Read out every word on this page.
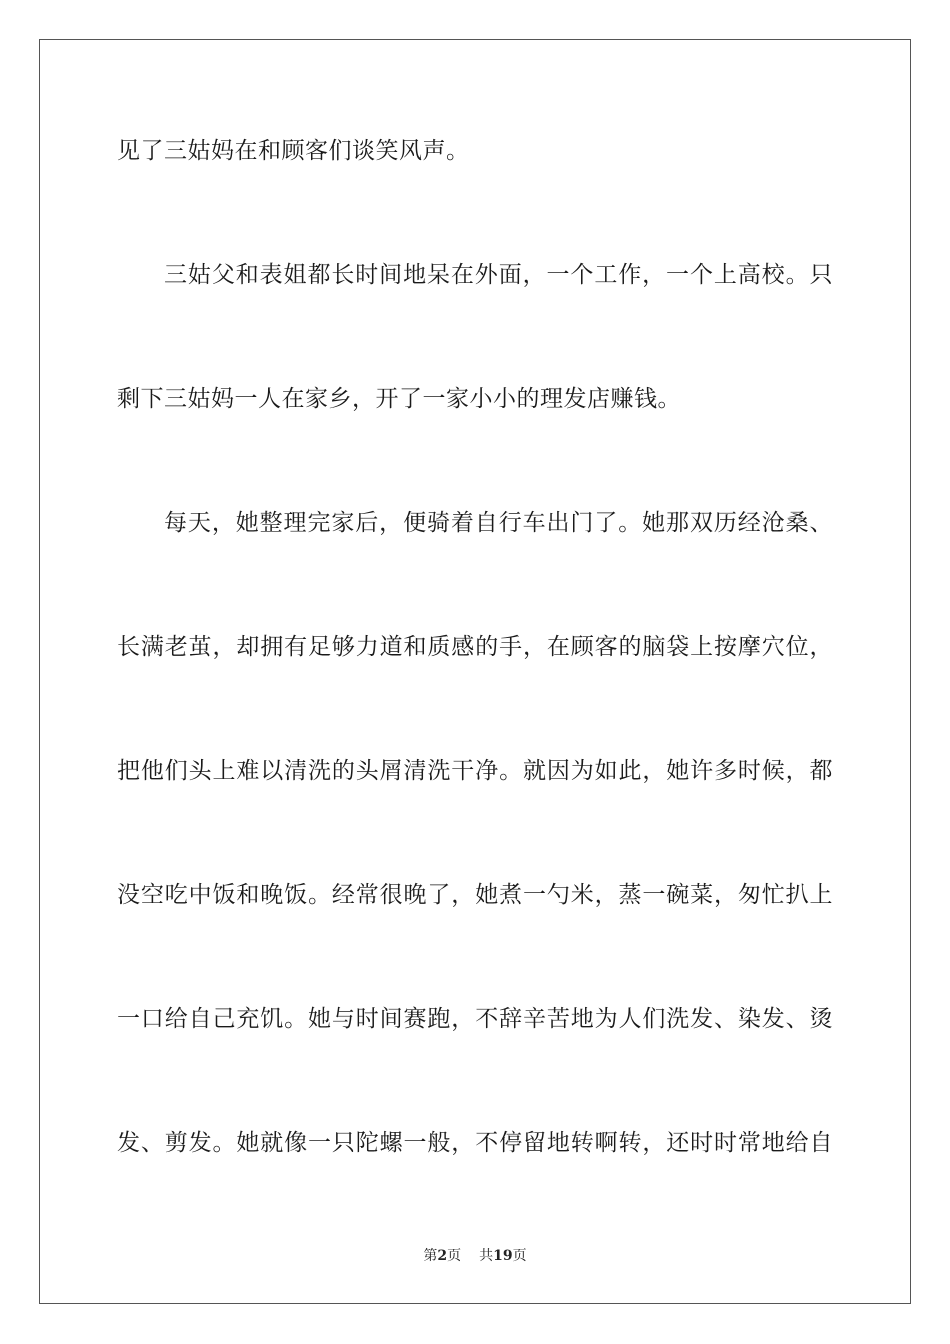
见了三姑妈在和顾客们谈笑风声。
三姑父和表姐都长时间地呆在外面，一个工作，一个上高校。只
剩下三姑妈一人在家乡，开了一家小小的理发店赚钱。
每天，她整理完家后，便骑着自行车出门了。她那双历经沧桑、
长满老茧，却拥有足够力道和质感的手，在顾客的脑袋上按摩穴位，
把他们头上难以清洗的头屑清洗干净。就因为如此，她许多时候，都
没空吃中饭和晚饭。经常很晚了，她煮一勺米，蒸一碗菜，匆忙扒上
一口给自己充饥。她与时间赛跑，不辞辛苦地为人们洗发、染发、烫
发、剪发。她就像一只陀螺一般，不停留地转啊转，还时时常地给自
第2页 共19页
